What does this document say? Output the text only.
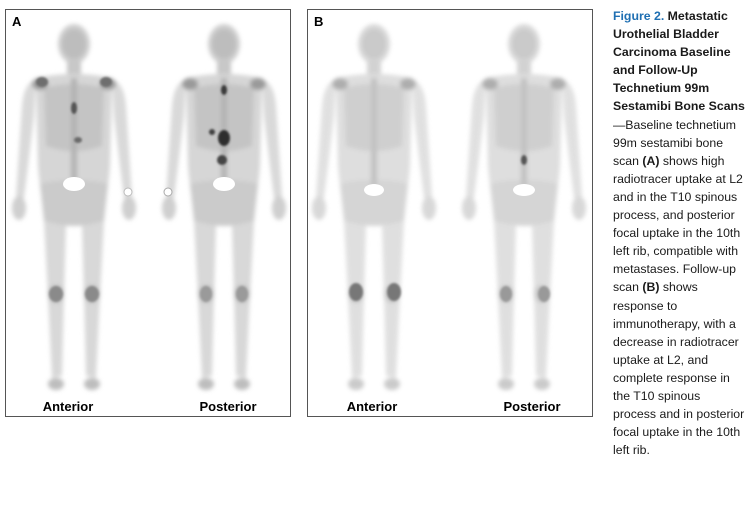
A
Anterior	Posterior
B
Anterior	Posterior
Figure 2. Metastatic Urothelial Bladder Carcinoma Baseline and Follow-Up Technetium 99m Sestamibi Bone Scans—Baseline technetium 99m sestamibi bone scan (A) shows high radiotracer uptake at L2 and in the T10 spinous process, and posterior focal uptake in the 10th left rib, compatible with metastases. Follow-up scan (B) shows response to immunotherapy, with a decrease in radiotracer uptake at L2, and complete response in the T10 spinous process and in posterior focal uptake in the 10th left rib.
